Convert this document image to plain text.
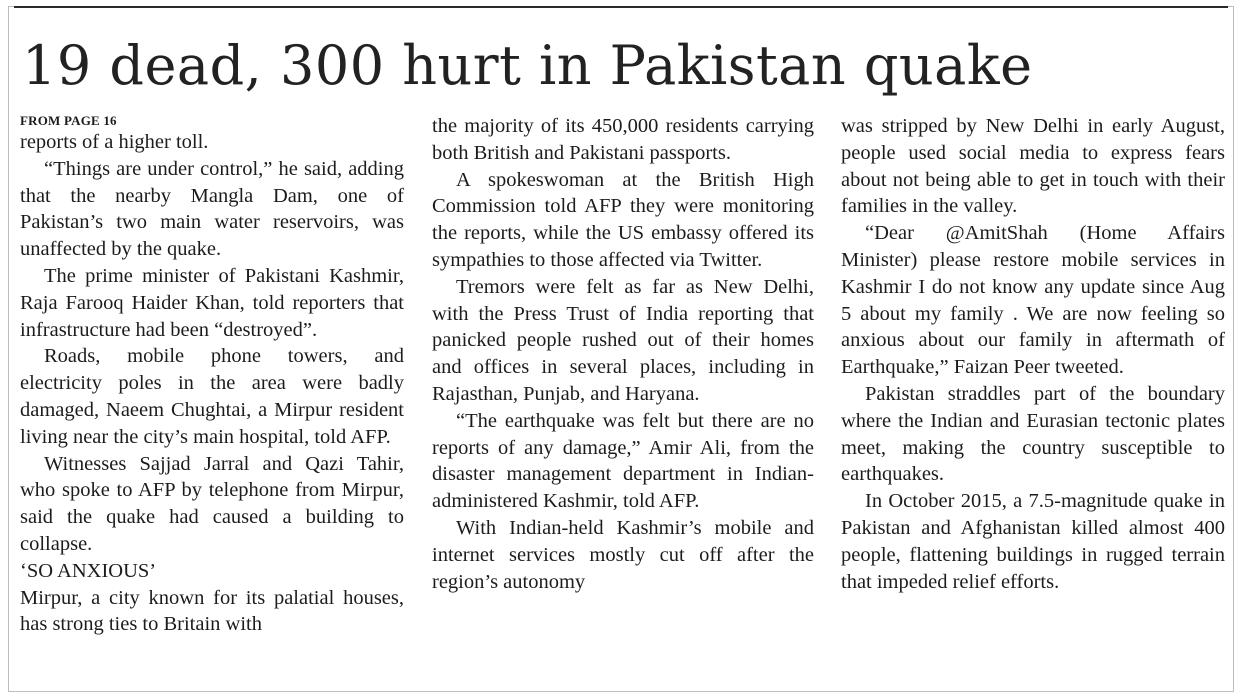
19 dead, 300 hurt in Pakistan quake

FROM PAGE 16

reports of a higher toll.

“Things are under control,” he said, adding that the nearby Mangla Dam, one of Pakistan’s two main water reservoirs, was unaffected by the quake.

The prime minister of Pakistani Kashmir, Raja Farooq Haider Khan, told reporters that infrastructure had been “destroyed”.

Roads, mobile phone towers, and electricity poles in the area were badly damaged, Naeem Chughtai, a Mirpur resident living near the city’s main hospital, told AFP.

Witnesses Sajjad Jarral and Qazi Tahir, who spoke to AFP by telephone from Mirpur, said the quake had caused a building to collapse.

‘SO ANXIOUS’

Mirpur, a city known for its palatial houses, has strong ties to Britain with

the majority of its 450,000 residents carrying both British and Pakistani passports.

A spokeswoman at the British High Commission told AFP they were monitoring the reports, while the US embassy offered its sympathies to those affected via Twitter.

Tremors were felt as far as New Delhi, with the Press Trust of India reporting that panicked people rushed out of their homes and offices in several places, including in Rajasthan, Punjab, and Haryana.

“The earthquake was felt but there are no reports of any damage,” Amir Ali, from the disaster management department in Indian-administered Kashmir, told AFP.

With Indian-held Kashmir’s mobile and internet services mostly cut off after the region’s autonomy

was stripped by New Delhi in early August, people used social media to express fears about not being able to get in touch with their families in the valley.

“Dear @AmitShah (Home Affairs Minister) please restore mobile services in Kashmir I do not know any update since Aug 5 about my family . We are now feeling so anxious about our family in aftermath of Earthquake,” Faizan Peer tweeted.

Pakistan straddles part of the boundary where the Indian and Eurasian tectonic plates meet, making the country susceptible to earthquakes.

In October 2015, a 7.5-magnitude quake in Pakistan and Afghanistan killed almost 400 people, flattening buildings in rugged terrain that impeded relief efforts.
